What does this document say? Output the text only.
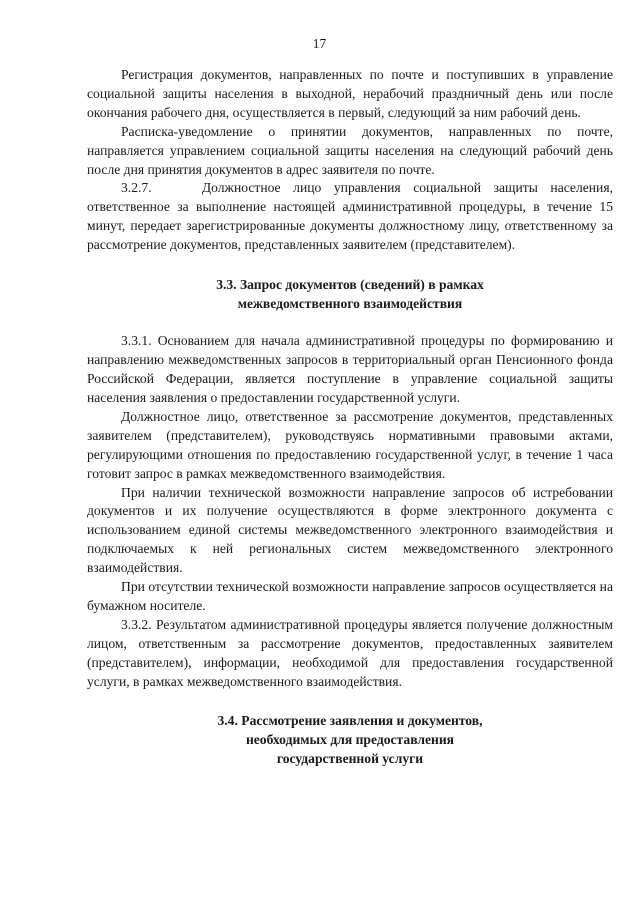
17

Регистрация документов, направленных по почте и поступивших в управление социальной защиты населения в выходной, нерабочий праздничный день или после окончания рабочего дня, осуществляется в первый, следующий за ним рабочий день.

Расписка-уведомление о принятии документов, направленных по почте, направляется управлением социальной защиты населения на следующий рабочий день после дня принятия документов в адрес заявителя по почте.

3.2.7.    Должностное лицо управления социальной защиты населения, ответственное за выполнение настоящей административной процедуры, в течение 15 минут, передает зарегистрированные документы должностному лицу, ответственному за рассмотрение документов, представленных заявителем (представителем).

3.3. Запрос документов (сведений) в рамках

межведомственного взаимодействия

3.3.1. Основанием для начала административной процедуры по формированию и направлению межведомственных запросов в территориальный орган Пенсионного фонда Российской Федерации, является поступление в управление социальной защиты населения заявления о предоставлении государственной услуги.

Должностное лицо, ответственное за рассмотрение документов, представленных заявителем (представителем), руководствуясь нормативными правовыми актами, регулирующими отношения по предоставлению государственной услуг, в течение 1 часа готовит запрос в рамках межведомственного взаимодействия.

При наличии технической возможности направление запросов об истребовании документов и их получение осуществляются в форме электронного документа с использованием единой системы межведомственного электронного взаимодействия и подключаемых к ней региональных систем межведомственного электронного взаимодействия.

При отсутствии технической возможности направление запросов осуществляется на бумажном носителе.

3.3.2. Результатом административной процедуры является получение должностным лицом, ответственным за рассмотрение документов, предоставленных заявителем (представителем), информации, необходимой для предоставления государственной услуги, в рамках межведомственного взаимодействия.

3.4. Рассмотрение заявления и документов,

необходимых для предоставления

государственной услуги
